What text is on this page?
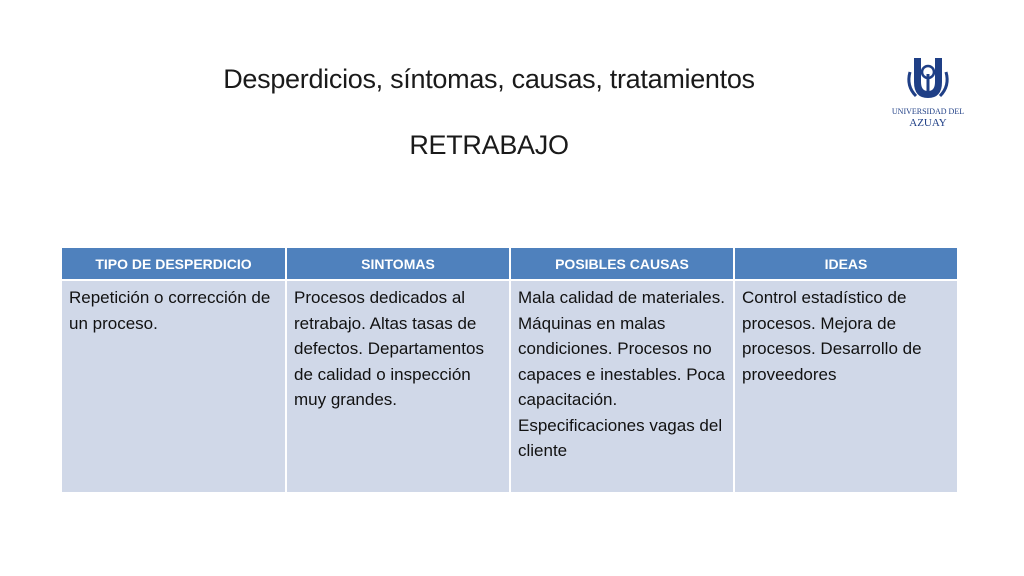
Desperdicios, síntomas, causas, tratamientos
RETRABAJO
UNIVERSIDAD DEL
AZUAY
TIPO DE DESPERDICIO	SINTOMAS	POSIBLES CAUSAS	IDEAS
Repetición o corrección de un proceso.	Procesos dedicados al retrabajo. Altas tasas de defectos. Departamentos de calidad o inspección muy grandes.	Mala calidad de materiales. Máquinas en malas condiciones. Procesos no capaces e inestables. Poca capacitación. Especificaciones vagas del cliente	Control estadístico de procesos. Mejora de procesos. Desarrollo de proveedores
